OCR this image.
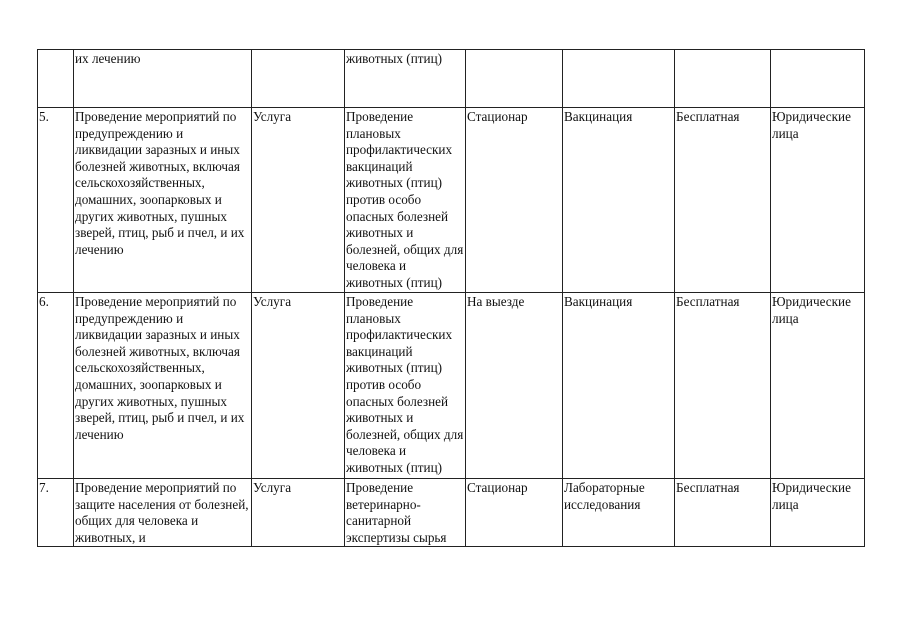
	их лечению		животных (птиц)				
5.	Проведение мероприятий по предупреждению и ликвидации заразных и иных болезней животных, включая сельскохозяйственных, домашних, зоопарковых и других животных, пушных зверей, птиц, рыб и пчел, и их лечению	Услуга	Проведение плановых профилактических вакцинаций животных (птиц) против особо опасных болезней животных и болезней, общих для человека и животных (птиц)	Стационар	Вакцинация	Бесплатная	Юридические лица
6.	Проведение мероприятий по предупреждению и ликвидации заразных и иных болезней животных, включая сельскохозяйственных, домашних, зоопарковых и других животных, пушных зверей, птиц, рыб и пчел, и их лечению	Услуга	Проведение плановых профилактических вакцинаций животных (птиц) против особо опасных болезней животных и болезней, общих для человека и животных (птиц)	На выезде	Вакцинация	Бесплатная	Юридические лица
7.	Проведение мероприятий по защите населения от болезней, общих для человека и животных, и	Услуга	Проведение ветеринарно-санитарной экспертизы сырья	Стационар	Лабораторные исследования	Бесплатная	Юридические лица
